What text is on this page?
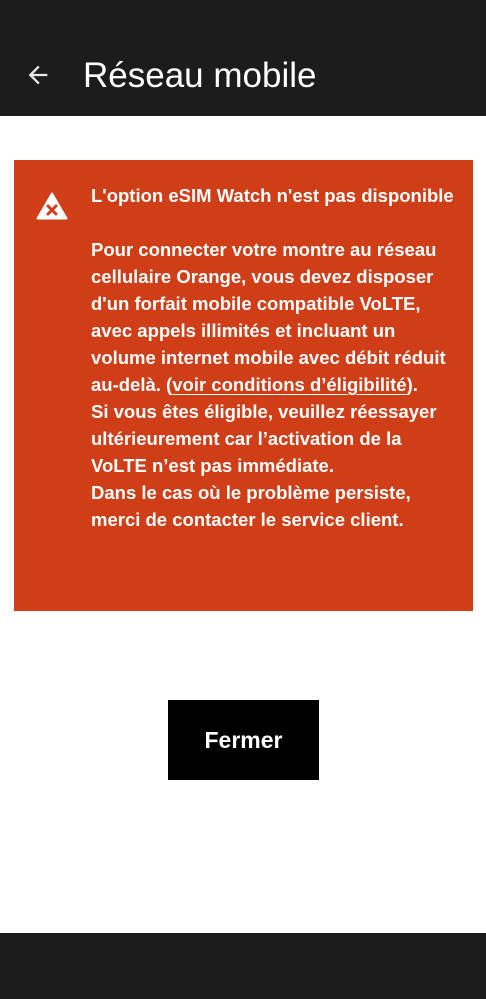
Réseau mobile

L'option eSIM Watch n'est pas disponible

Pour connecter votre montre au réseau cellulaire Orange, vous devez disposer d'un forfait mobile compatible VoLTE, avec appels illimités et incluant un volume internet mobile avec débit réduit au-delà. (voir conditions d’éligibilité).

Si vous êtes éligible, veuillez réessayer ultérieurement car l’activation de la VoLTE n’est pas immédiate.

Dans le cas où le problème persiste, merci de contacter le service client.

Fermer
